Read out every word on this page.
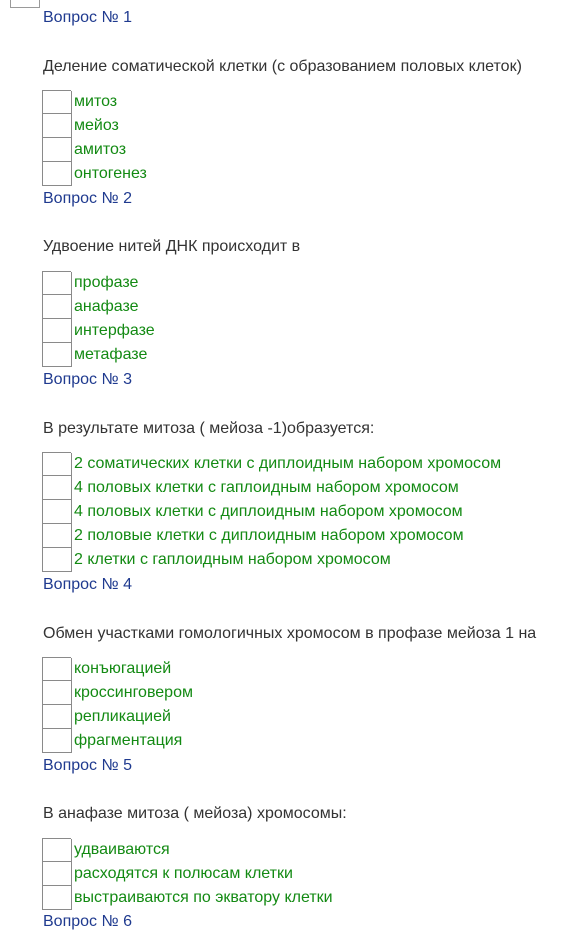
Вопрос № 1
Деление соматической клетки (с образованием половых клеток)
митоз
мейоз
амитоз
онтогенез
Вопрос № 2
Удвоение нитей ДНК происходит в
профазе
анафазе
интерфазе
метафазе
Вопрос № 3
В результате митоза ( мейоза -1)образуется:
2 соматических клетки с диплоидным набором хромосом
4 половых клетки с гаплоидным набором хромосом
4 половых клетки с диплоидным набором хромосом
2 половые клетки с диплоидным набором хромосом
2 клетки с гаплоидным набором хромосом
Вопрос № 4
Обмен участками гомологичных хромосом в профазе мейоза 1 на
конъюгацией
кроссинговером
репликацией
фрагментация
Вопрос № 5
В анафазе митоза ( мейоза) хромосомы:
удваиваются
расходятся к полюсам клетки
выстраиваются по экватору клетки
Вопрос № 6
